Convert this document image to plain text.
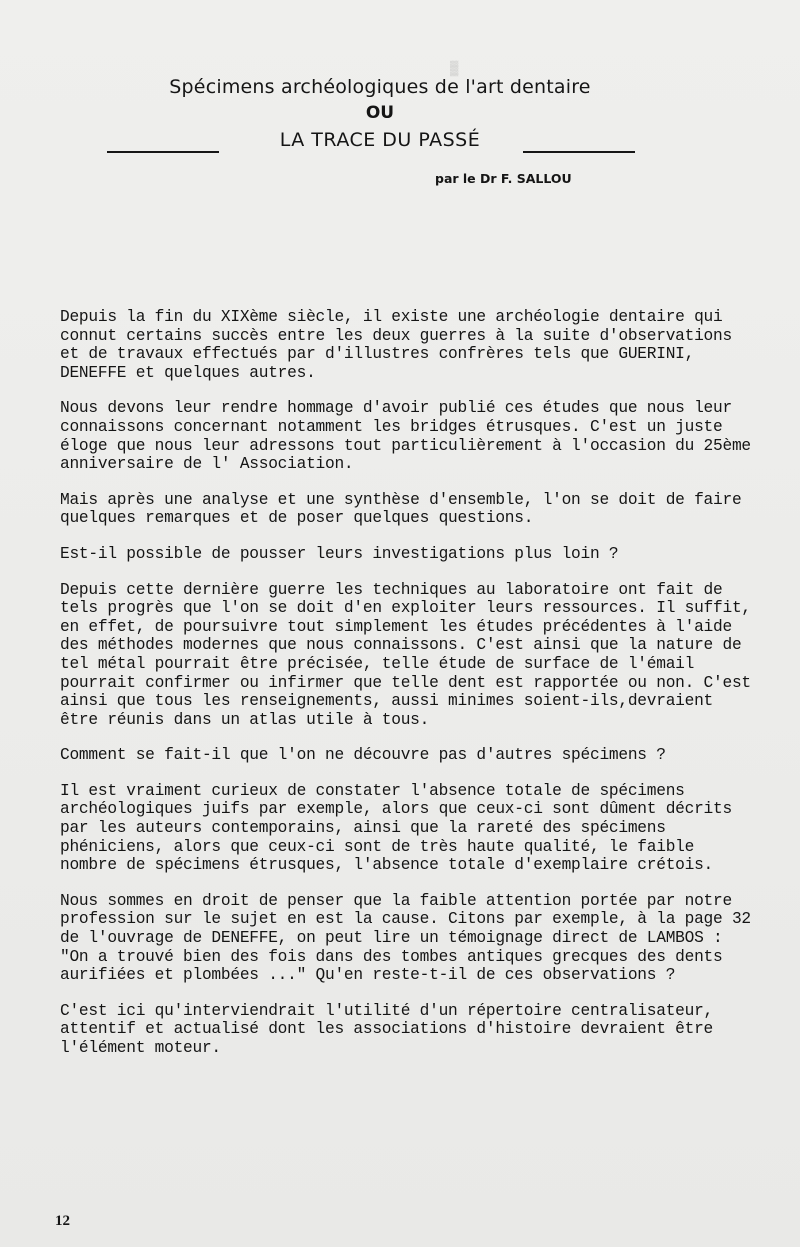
▓
Spécimens archéologiques de l'art dentaire
OU
LA TRACE DU PASSÉ
par le Dr F. SALLOU

Depuis la fin du XIXème siècle, il existe une archéologie dentaire qui connut certains succès entre les deux guerres à la suite d'observations et de travaux effectués par d'illustres confrères tels que GUERINI, DENEFFE et quelques autres.

Nous devons leur rendre hommage d'avoir publié ces études que nous leur connaissons concernant notamment les bridges étrusques. C'est un juste éloge que nous leur adressons tout particulièrement à l'occasion du 25ème anniversaire de l' Association.

Mais après une analyse et une synthèse d'ensemble, l'on se doit de faire quelques remarques et de poser quelques questions.

Est-il possible de pousser leurs investigations plus loin ?

Depuis cette dernière guerre les techniques au laboratoire ont fait de tels progrès que l'on se doit d'en exploiter leurs ressources. Il suffit, en effet, de poursuivre tout simplement les études précédentes à l'aide des méthodes modernes que nous connaissons. C'est ainsi que la nature de tel métal pourrait être précisée, telle étude de surface de l'émail pourrait confirmer ou infirmer que telle dent est rapportée ou non. C'est ainsi que tous les renseignements, aussi minimes soient-ils,devraient être réunis dans un atlas utile à tous.

Comment se fait-il que l'on ne découvre pas d'autres spécimens ?

Il est vraiment curieux de constater l'absence totale de spécimens archéologiques juifs par exemple, alors que ceux-ci sont dûment décrits par les auteurs contemporains, ainsi que la rareté des spécimens phéniciens, alors que ceux-ci sont de très haute qualité, le faible nombre de spécimens étrusques, l'absence totale d'exemplaire crétois.

Nous sommes en droit de penser que la faible attention portée par notre profession sur le sujet en est la cause. Citons par exemple, à la page 32 de l'ouvrage de DENEFFE, on peut lire un témoignage direct de LAMBOS : "On a trouvé bien des fois dans des tombes antiques grecques des dents aurifiées et plombées ..." Qu'en reste-t-il de ces observations ?

C'est ici qu'interviendrait l'utilité d'un répertoire centralisateur, attentif et actualisé dont les associations d'histoire devraient être l'élément moteur.

12
